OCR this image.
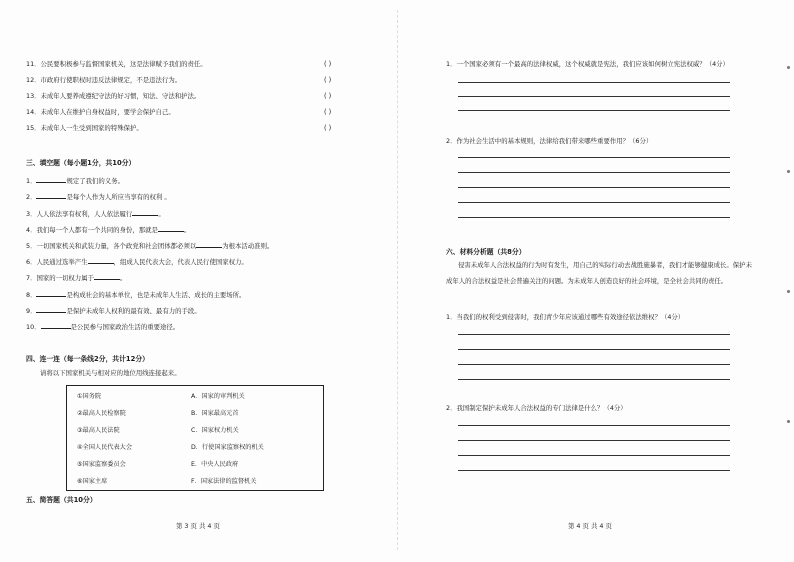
11．公民要积极参与监督国家机关，这是法律赋予我们的责任。	( )
12．市政府行使职权时违反法律规定，不是违法行为。	( )
13．未成年人要养成遵纪守法的好习惯，知法、守法和护法。	( )
14．未成年人在维护自身权益时，要学会保护自己。	( )
15．未成年人一生受到国家的特殊保护。	( )
三、填空题（每小题1分，共10分）
1．	规定了我们的义务。
2．	是每个人作为人所应当享有的权利 。
3．人人依法享有权利，人人依法履行	。
4．我们每一个人都有一个共同的身份，那就是	。
5．一切国家机关和武装力量，各个政党和社会团体都必须以	为根本活动准则。
6．人民通过选举产生	，组成人民代表大会，代表人民行使国家权力。
7．国家的一切权力属于	。
8．	是构成社会的基本单位，也是未成年人生活、成长的主要场所。
9．	是保护未成年人权利的最有效、最有力的手段。
10．	是公民参与国家政治生活的重要途径。
四、连一连（每一条线2分，共计12分）
请将以下国家机关与相对应的地位用线连接起来。
①国务院	A．国家的审判机关
②最高人民检察院	B．国家最高元首
③最高人民法院	C．国家权力机关
④全国人民代表大会	D．行使国家监察权的机关
⑤国家监察委员会	E．中央人民政府
⑥国家主席	F．国家法律的监督机关
五、简答题（共10分）
第 3 页 共 4 页
1．一个国家必须有一个最高的法律权威，这个权威就是宪法，我们应该如何树立宪法权威？（4分）
2．作为社会生活中的基本规则，法律给我们带来哪些重要作用？（6分）
六、材料分析题（共8分）
侵害未成年人合法权益的行为时有发生，用自己的实际行动去战胜施暴者，我们才能够健康成长。保护未成年人的合法权益是社会普遍关注的问题。为未成年人创造良好的社会环境，是全社会共同的责任。
1．当我们的权利受到侵害时，我们青少年应该通过哪些有效途径依法维权？（4分）
2．我国制定保护未成年人合法权益的专门法律是什么？（4分）
第 4 页 共 4 页
